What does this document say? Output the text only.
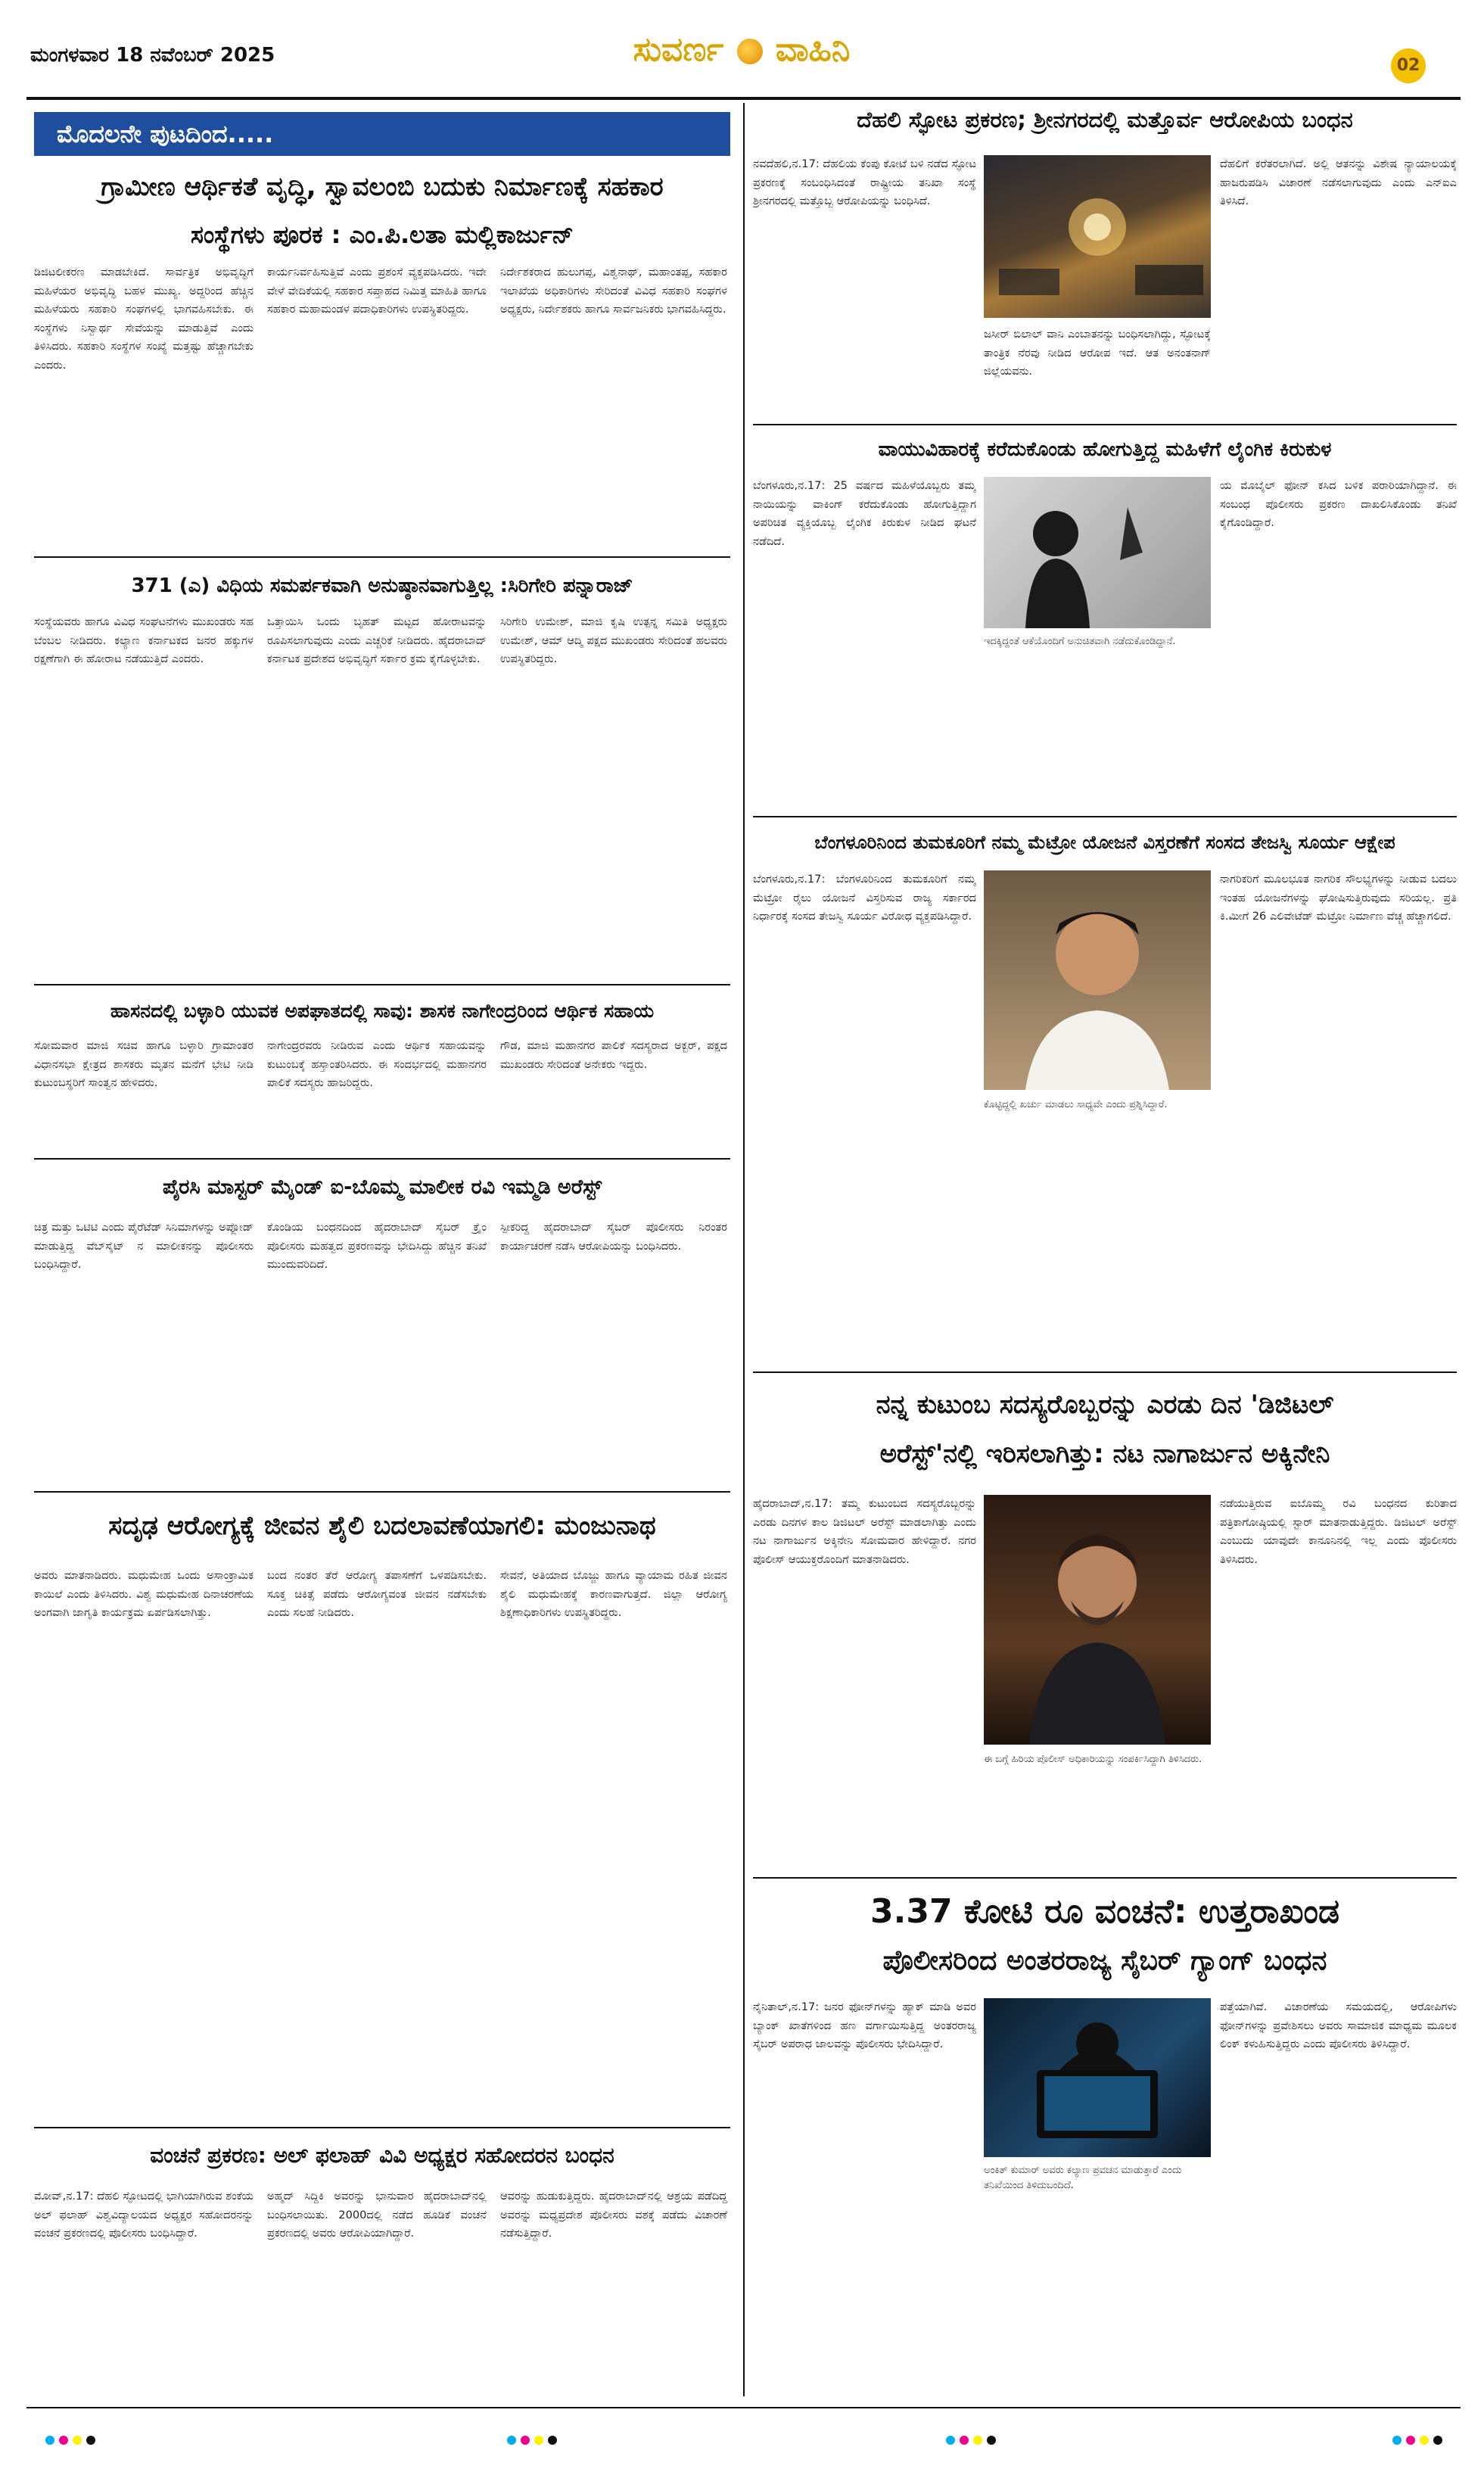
ಮಂಗಳವಾರ 18 ನವೆಂಬರ್ 2025	ಸುವರ್ಣ ವಾಹಿನಿ	02
ಮೊದಲನೇ ಪುಟದಿಂದ.....
ಗ್ರಾಮೀಣ ಆರ್ಥಿಕತೆ ವೃದ್ಧಿ, ಸ್ವಾವಲಂಬಿ ಬದುಕು ನಿರ್ಮಾಣಕ್ಕೆ ಸಹಕಾರ
ಸಂಸ್ಥೆಗಳು ಪೂರಕ : ಎಂ.ಪಿ.ಲತಾ ಮಲ್ಲಿಕಾರ್ಜುನ್
ಡಿಜಿಟಲೀಕರಣ ಮಾಡಬೇಕಿದೆ. ಸಾರ್ವತ್ರಿಕ ಅಭಿವೃದ್ಧಿಗೆ ಮಹಿಳೆಯರ ಅಭಿವೃದ್ಧಿ ಬಹಳ ಮುಖ್ಯ. ಅದ್ದರಿಂದ ಹೆಚ್ಚಿನ ಮಹಿಳೆಯರು ಸಹಕಾರಿ ಸಂಘಗಳಲ್ಲಿ ಭಾಗವಹಿಸಬೇಕು. ಈ ಸಂಸ್ಥೆಗಳು ನಿಸ್ವಾರ್ಥ ಸೇವೆಯನ್ನು ಮಾಡುತ್ತಿವೆ ಎಂದು ತಿಳಿಸಿದರು. ಸಹಕಾರಿ ಸಂಸ್ಥೆಗಳ ಸಂಖ್ಯೆ ಮತ್ತಷ್ಟು ಹೆಚ್ಚಾಗಬೇಕು ಎಂದರು.
ಕಾರ್ಯನಿರ್ವಹಿಸುತ್ತಿವೆ ಎಂದು ಪ್ರಶಂಸೆ ವ್ಯಕ್ತಪಡಿಸಿದರು. ಇದೇ ವೇಳೆ ವೇದಿಕೆಯಲ್ಲಿ ಸಹಕಾರ ಸಪ್ತಾಹದ ನಿಮಿತ್ತ ಮಾಹಿತಿ ಹಾಗೂ ಸಹಕಾರ ಮಹಾಮಂಡಳ ಪದಾಧಿಕಾರಿಗಳು ಉಪಸ್ಥಿತರಿದ್ದರು.
ನಿರ್ದೇಶಕರಾದ ಹುಲುಗಪ್ಪ, ವಿಶ್ವನಾಥ್, ಮಹಾಂತಪ್ಪ, ಸಹಕಾರ ಇಲಾಖೆಯ ಅಧಿಕಾರಿಗಳು ಸೇರಿದಂತೆ ವಿವಿಧ ಸಹಕಾರಿ ಸಂಘಗಳ ಅಧ್ಯಕ್ಷರು, ನಿರ್ದೇಶಕರು ಹಾಗೂ ಸಾರ್ವಜನಿಕರು ಭಾಗವಹಿಸಿದ್ದರು.
371 (ಎ) ವಿಧಿಯ ಸಮರ್ಪಕವಾಗಿ ಅನುಷ್ಠಾನವಾಗುತ್ತಿಲ್ಲ :ಸಿರಿಗೇರಿ ಪನ್ನಾರಾಜ್
ಸಂಸ್ಥೆಯವರು ಹಾಗೂ ವಿವಿಧ ಸಂಘಟನೆಗಳು ಮುಖಂಡರು ಸಹ ಬೆಂಬಲ ನೀಡಿದರು. ಕಲ್ಯಾಣ ಕರ್ನಾಟಕದ ಜನರ ಹಕ್ಕುಗಳ ರಕ್ಷಣೆಗಾಗಿ ಈ ಹೋರಾಟ ನಡೆಯುತ್ತಿದೆ ಎಂದರು.
ಒತ್ತಾಯಿಸಿ ಒಂದು ಬೃಹತ್ ಮಟ್ಟದ ಹೋರಾಟವನ್ನು ರೂಪಿಸಲಾಗುವುದು ಎಂದು ಎಚ್ಚರಿಕೆ ನೀಡಿದರು. ಹೈದರಾಬಾದ್ ಕರ್ನಾಟಕ ಪ್ರದೇಶದ ಅಭಿವೃದ್ಧಿಗೆ ಸರ್ಕಾರ ಕ್ರಮ ಕೈಗೊಳ್ಳಬೇಕು.
ಸಿರಿಗೇರಿ ಉಮೇಶ್, ಮಾಜಿ ಕೃಷಿ ಉತ್ಪನ್ನ ಸಮಿತಿ ಅಧ್ಯಕ್ಷರು ಉಮೇಶ್, ಆಮ್ ಆದ್ಮಿ ಪಕ್ಷದ ಮುಖಂಡರು ಸೇರಿದಂತೆ ಹಲವರು ಉಪಸ್ಥಿತರಿದ್ದರು.
ಹಾಸನದಲ್ಲಿ ಬಳ್ಳಾರಿ ಯುವಕ ಅಪಘಾತದಲ್ಲಿ ಸಾವು: ಶಾಸಕ ನಾಗೇಂದ್ರರಿಂದ ಆರ್ಥಿಕ ಸಹಾಯ
ಸೋಮವಾರ ಮಾಜಿ ಸಚಿವ ಹಾಗೂ ಬಳ್ಳಾರಿ ಗ್ರಾಮಾಂತರ ವಿಧಾನಸಭಾ ಕ್ಷೇತ್ರದ ಶಾಸಕರು ಮೃತನ ಮನೆಗೆ ಭೇಟಿ ನೀಡಿ ಕುಟುಂಬಸ್ಥರಿಗೆ ಸಾಂತ್ವನ ಹೇಳಿದರು.
ನಾಗೇಂದ್ರರವರು ನೀಡಿರುವ ಎಂದು ಆರ್ಥಿಕ ಸಹಾಯವನ್ನು ಕುಟುಂಬಕ್ಕೆ ಹಸ್ತಾಂತರಿಸಿದರು. ಈ ಸಂದರ್ಭದಲ್ಲಿ ಮಹಾನಗರ ಪಾಲಿಕೆ ಸದಸ್ಯರು ಹಾಜರಿದ್ದರು.
ಗೌಡ, ಮಾಜಿ ಮಹಾನಗರ ಪಾಲಿಕೆ ಸದಸ್ಯರಾದ ಅಕ್ಬರ್, ಪಕ್ಷದ ಮುಖಂಡರು ಸೇರಿದಂತೆ ಅನೇಕರು ಇದ್ದರು.
ಪೈರಸಿ ಮಾಸ್ಟರ್ ಮೈಂಡ್ ಐ-ಬೊಮ್ಮ ಮಾಲೀಕ ರವಿ ಇಮ್ಮಡಿ ಅರೆಸ್ಟ್
ಚಿತ್ರ ಮತ್ತು ಒಟಿಟಿ ಎಂದು ಪೈರೆಟೆಡ್ ಸಿನಿಮಾಗಳನ್ನು ಅಪ್ಲೋಡ್ ಮಾಡುತ್ತಿದ್ದ ವೆಬ್‌ಸೈಟ್ ನ ಮಾಲೀಕನನ್ನು ಪೊಲೀಸರು ಬಂಧಿಸಿದ್ದಾರೆ.
ಕೊಂಡಿಯ ಬಂಧನದಿಂದ ಹೈದರಾಬಾದ್ ಸೈಬರ್ ಕ್ರೈಂ ಪೊಲೀಸರು ಮಹತ್ವದ ಪ್ರಕರಣವನ್ನು ಭೇದಿಸಿದ್ದು ಹೆಚ್ಚಿನ ತನಿಖೆ ಮುಂದುವರಿದಿದೆ.
ಸ್ಪೀಕರಿದ್ದ ಹೈದರಾಬಾದ್ ಸೈಬರ್ ಪೊಲೀಸರು ನಿರಂತರ ಕಾರ್ಯಾಚರಣೆ ನಡೆಸಿ ಆರೋಪಿಯನ್ನು ಬಂಧಿಸಿದರು.
ಸದೃಢ ಆರೋಗ್ಯಕ್ಕೆ ಜೀವನ ಶೈಲಿ ಬದಲಾವಣೆಯಾಗಲಿ: ಮಂಜುನಾಥ
ಅವರು ಮಾತನಾಡಿದರು. ಮಧುಮೇಹ ಒಂದು ಅಸಾಂಕ್ರಾಮಿಕ ಕಾಯಿಲೆ ಎಂದು ತಿಳಿಸಿದರು. ವಿಶ್ವ ಮಧುಮೇಹ ದಿನಾಚರಣೆಯ ಅಂಗವಾಗಿ ಜಾಗೃತಿ ಕಾರ್ಯಕ್ರಮ ಏರ್ಪಡಿಸಲಾಗಿತ್ತು.
ಬಂದ ನಂತರ ತೆರೆ ಆರೋಗ್ಯ ತಪಾಸಣೆಗೆ ಒಳಪಡಿಸಬೇಕು. ಸೂಕ್ತ ಚಿಕಿತ್ಸೆ ಪಡೆದು ಆರೋಗ್ಯವಂತ ಜೀವನ ನಡೆಸಬೇಕು ಎಂದು ಸಲಹೆ ನೀಡಿದರು.
ಸೇವನೆ, ಅತಿಯಾದ ಬೊಜ್ಜು ಹಾಗೂ ವ್ಯಾಯಾಮ ರಹಿತ ಜೀವನ ಶೈಲಿ ಮಧುಮೇಹಕ್ಕೆ ಕಾರಣವಾಗುತ್ತದೆ. ಜಿಲ್ಲಾ ಆರೋಗ್ಯ ಶಿಕ್ಷಣಾಧಿಕಾರಿಗಳು ಉಪಸ್ಥಿತರಿದ್ದರು.
ವಂಚನೆ ಪ್ರಕರಣ: ಅಲ್ ಫಲಾಹ್ ವಿವಿ ಅಧ್ಯಕ್ಷರ ಸಹೋದರನ ಬಂಧನ
ಮೋವ್,ನ.17: ದೆಹಲಿ ಸ್ಫೋಟದಲ್ಲಿ ಭಾಗಿಯಾಗಿರುವ ಶಂಕೆಯ ಅಲ್ ಫಲಾಹ್ ವಿಶ್ವವಿದ್ಯಾಲಯದ ಅಧ್ಯಕ್ಷರ ಸಹೋದರನನ್ನು ವಂಚನೆ ಪ್ರಕರಣದಲ್ಲಿ ಪೊಲೀಸರು ಬಂಧಿಸಿದ್ದಾರೆ.
ಅಹ್ಮದ್ ಸಿದ್ದಿಕಿ ಅವರನ್ನು ಭಾನುವಾರ ಹೈದರಾಬಾದ್‌ನಲ್ಲಿ ಬಂಧಿಸಲಾಯಿತು. 2000ದಲ್ಲಿ ನಡೆದ ಹೂಡಿಕೆ ವಂಚನೆ ಪ್ರಕರಣದಲ್ಲಿ ಅವರು ಆರೋಪಿಯಾಗಿದ್ದಾರೆ.
ಆವರನ್ನು ಹುಡುಕುತ್ತಿದ್ದರು. ಹೈದರಾಬಾದ್‌ನಲ್ಲಿ ಆಶ್ರಯ ಪಡೆದಿದ್ದ ಅವರನ್ನು ಮಧ್ಯಪ್ರದೇಶ ಪೊಲೀಸರು ವಶಕ್ಕೆ ಪಡೆದು ವಿಚಾರಣೆ ನಡೆಸುತ್ತಿದ್ದಾರೆ.
ದೆಹಲಿ ಸ್ಫೋಟ ಪ್ರಕರಣ; ಶ್ರೀನಗರದಲ್ಲಿ ಮತ್ತೊರ್ವ ಆರೋಪಿಯ ಬಂಧನ
ನವದೆಹಲಿ,ನ.17: ದೆಹಲಿಯ ಕೆಂಪು ಕೋಟೆ ಬಳಿ ನಡೆದ ಸ್ಫೋಟ ಪ್ರಕರಣಕ್ಕೆ ಸಂಬಂಧಿಸಿದಂತೆ ರಾಷ್ಟ್ರೀಯ ತನಿಖಾ ಸಂಸ್ಥೆ ಶ್ರೀನಗರದಲ್ಲಿ ಮತ್ತೊಬ್ಬ ಆರೋಪಿಯನ್ನು ಬಂಧಿಸಿದೆ.
ಜಸೀರ್ ಬಿಲಾಲ್ ವಾನಿ ಎಂಬಾತನನ್ನು ಬಂಧಿಸಲಾಗಿದ್ದು, ಸ್ಫೋಟಕ್ಕೆ ತಾಂತ್ರಿಕ ನೆರವು ನೀಡಿದ ಆರೋಪ ಇದೆ. ಆತ ಅನಂತನಾಗ್ ಜಿಲ್ಲೆಯವನು.
ದೆಹಲಿಗೆ ಕರೆತರಲಾಗಿದೆ. ಅಲ್ಲಿ ಆತನನ್ನು ವಿಶೇಷ ನ್ಯಾಯಾಲಯಕ್ಕೆ ಹಾಜರುಪಡಿಸಿ ವಿಚಾರಣೆ ನಡೆಸಲಾಗುವುದು ಎಂದು ಎನ್ಐಎ ತಿಳಿಸಿದೆ.
ವಾಯುವಿಹಾರಕ್ಕೆ ಕರೆದುಕೊಂಡು ಹೋಗುತ್ತಿದ್ದ ಮಹಿಳೆಗೆ ಲೈಂಗಿಕ ಕಿರುಕುಳ
ಬೆಂಗಳೂರು,ನ.17: 25 ವರ್ಷದ ಮಹಿಳೆಯೊಬ್ಬರು ತಮ್ಮ ನಾಯಿಯನ್ನು ವಾಕಿಂಗ್ ಕರೆದುಕೊಂಡು ಹೋಗುತ್ತಿದ್ದಾಗ ಅಪರಿಚಿತ ವ್ಯಕ್ತಿಯೊಬ್ಬ ಲೈಂಗಿಕ ಕಿರುಕುಳ ನೀಡಿದ ಘಟನೆ ನಡೆದಿದೆ.
ಇದಕ್ಕಿದ್ದಂತೆ ಆಕೆಯೊಂದಿಗೆ ಅನುಚಿತವಾಗಿ ನಡೆದುಕೊಂಡಿದ್ದಾನೆ.
ಯ ಮೊಬೈಲ್ ಫೋನ್ ಕಸಿದ ಬಳಿಕ ಪರಾರಿಯಾಗಿದ್ದಾನೆ. ಈ ಸಂಬಂಧ ಪೊಲೀಸರು ಪ್ರಕರಣ ದಾಖಲಿಸಿಕೊಂಡು ತನಿಖೆ ಕೈಗೊಂಡಿದ್ದಾರೆ.
ಬೆಂಗಳೂರಿನಿಂದ ತುಮಕೂರಿಗೆ ನಮ್ಮ ಮೆಟ್ರೋ ಯೋಜನೆ ವಿಸ್ತರಣೆಗೆ ಸಂಸದ ತೇಜಸ್ವಿ ಸೂರ್ಯ ಆಕ್ಷೇಪ
ಬೆಂಗಳೂರು,ನ.17: ಬೆಂಗಳೂರಿನಿಂದ ತುಮಕೂರಿಗೆ ನಮ್ಮ ಮೆಟ್ರೋ ರೈಲು ಯೋಜನೆ ವಿಸ್ತರಿಸುವ ರಾಜ್ಯ ಸರ್ಕಾರದ ನಿರ್ಧಾರಕ್ಕೆ ಸಂಸದ ತೇಜಸ್ವಿ ಸೂರ್ಯ ವಿರೋಧ ವ್ಯಕ್ತಪಡಿಸಿದ್ದಾರೆ.
ಕೊಟ್ಟಿದ್ದಲ್ಲಿ ಖರ್ಚು ಮಾಡಲು ಸಾಧ್ಯವೇ ಎಂದು ಪ್ರಶ್ನಿಸಿದ್ದಾರೆ.
ನಾಗರಿಕರಿಗೆ ಮೂಲಭೂತ ನಾಗರಿಕ ಸೌಲಭ್ಯಗಳನ್ನು ನೀಡುವ ಬದಲು ಇಂತಹ ಯೋಜನೆಗಳನ್ನು ಘೋಷಿಸುತ್ತಿರುವುದು ಸರಿಯಲ್ಲ. ಪ್ರತಿ ಕಿ.ಮೀಗೆ 26 ಎಲಿವೇಟೆಡ್ ಮೆಟ್ರೋ ನಿರ್ಮಾಣ ವೆಚ್ಚ ಹೆಚ್ಚಾಗಲಿದೆ.
ನನ್ನ ಕುಟುಂಬ ಸದಸ್ಯರೊಬ್ಬರನ್ನು ಎರಡು ದಿನ 'ಡಿಜಿಟಲ್
ಅರೆಸ್ಟ್'ನಲ್ಲಿ ಇರಿಸಲಾಗಿತ್ತು: ನಟ ನಾಗಾರ್ಜುನ ಅಕ್ಕಿನೇನಿ
ಹೈದರಾಬಾದ್,ನ.17: ತಮ್ಮ ಕುಟುಂಬದ ಸದಸ್ಯರೊಬ್ಬರನ್ನು ಎರಡು ದಿನಗಳ ಕಾಲ ಡಿಜಿಟಲ್ ಅರೆಸ್ಟ್ ಮಾಡಲಾಗಿತ್ತು ಎಂದು ನಟ ನಾಗಾರ್ಜುನ ಅಕ್ಕಿನೇನಿ ಸೋಮವಾರ ಹೇಳಿದ್ದಾರೆ. ನಗರ ಪೊಲೀಸ್ ಆಯುಕ್ತರೊಂದಿಗೆ ಮಾತನಾಡಿದರು.
ಈ ಬಗ್ಗೆ ಹಿರಿಯ ಪೊಲೀಸ್ ಅಧಿಕಾರಿಯನ್ನು ಸಂಪರ್ಕಿಸಿದ್ದಾಗಿ ತಿಳಿಸಿದರು.
ನಡೆಯುತ್ತಿರುವ ಐಬೊಮ್ಮ ರವಿ ಬಂಧನದ ಕುರಿತಾದ ಪತ್ರಿಕಾಗೋಷ್ಠಿಯಲ್ಲಿ ಸ್ಟಾರ್ ಮಾತನಾಡುತ್ತಿದ್ದರು. ಡಿಜಿಟಲ್ ಅರೆಸ್ಟ್ ಎಂಬುದು ಯಾವುದೇ ಕಾನೂನಿನಲ್ಲಿ ಇಲ್ಲ ಎಂದು ಪೊಲೀಸರು ತಿಳಿಸಿದರು.
3.37 ಕೋಟಿ ರೂ ವಂಚನೆ: ಉತ್ತರಾಖಂಡ
ಪೊಲೀಸರಿಂದ ಅಂತರರಾಜ್ಯ ಸೈಬರ್ ಗ್ಯಾಂಗ್ ಬಂಧನ
ನೈನಿತಾಲ್,ನ.17: ಜನರ ಫೋನ್‌ಗಳನ್ನು ಹ್ಯಾಕ್ ಮಾಡಿ ಅವರ ಬ್ಯಾಂಕ್ ಖಾತೆಗಳಿಂದ ಹಣ ವರ್ಗಾಯಿಸುತ್ತಿದ್ದ ಅಂತರರಾಜ್ಯ ಸೈಬರ್ ಅಪರಾಧ ಜಾಲವನ್ನು ಪೊಲೀಸರು ಭೇದಿಸಿದ್ದಾರೆ.
ಅಂಕಿತ್ ಕುಮಾರ್ ಅವರು ಕಲ್ಯಾಣ ಪ್ರವಚನ ಮಾಡುತ್ತಾರೆ ಎಂದು ತನಿಖೆಯಿಂದ ತಿಳಿದುಬಂದಿದೆ.
ಪತ್ತೆಯಾಗಿವೆ. ವಿಚಾರಣೆಯ ಸಮಯದಲ್ಲಿ, ಆರೋಪಿಗಳು ಫೋನ್‌ಗಳನ್ನು ಪ್ರವೇಶಿಸಲು ಅವರು ಸಾಮಾಜಿಕ ಮಾಧ್ಯಮ ಮೂಲಕ ಲಿಂಕ್ ಕಳುಹಿಸುತ್ತಿದ್ದರು ಎಂದು ಪೊಲೀಸರು ತಿಳಿಸಿದ್ದಾರೆ.
